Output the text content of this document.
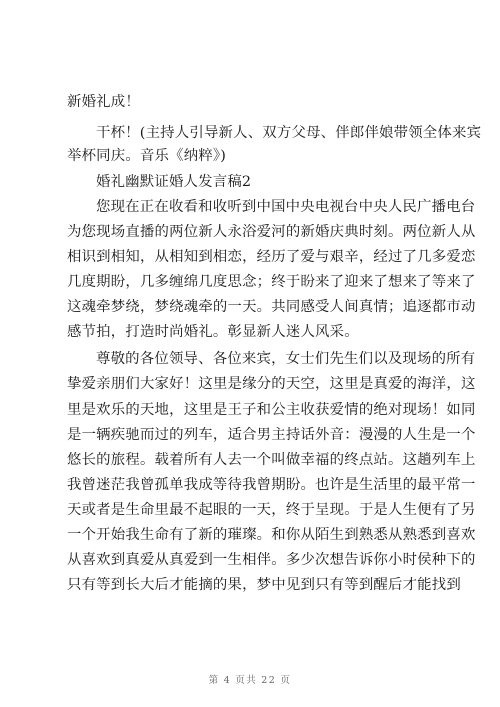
新婚礼成！
干杯！(主持人引导新人、双方父母、伴郎伴娘带领全体来宾
举杯同庆。音乐《纳粹》)
婚礼幽默证婚人发言稿2
您现在正在收看和收听到中国中央电视台中央人民广播电台
为您现场直播的两位新人永浴爱河的新婚庆典时刻。两位新人从
相识到相知，从相知到相恋，经历了爱与艰辛，经过了几多爱恋
几度期盼，几多缠绵几度思念；终于盼来了迎来了想来了等来了
这魂牵梦绕，梦绕魂牵的一天。共同感受人间真情；追逐都市动
感节拍，打造时尚婚礼。彰显新人迷人风采。
尊敬的各位领导、各位来宾，女士们先生们以及现场的所有
挚爱亲朋们大家好！这里是缘分的天空，这里是真爱的海洋，这
里是欢乐的天地，这里是王子和公主收获爱情的绝对现场！如同
是一辆疾驰而过的列车，适合男主持话外音：漫漫的人生是一个
悠长的旅程。载着所有人去一个叫做幸福的终点站。这趟列车上
我曾迷茫我曾孤单我成等待我曾期盼。也许是生活里的最平常一
天或者是生命里最不起眼的一天，终于呈现。于是人生便有了另
一个开始我生命有了新的璀璨。和你从陌生到熟悉从熟悉到喜欢
从喜欢到真爱从真爱到一生相伴。多少次想告诉你小时侯种下的
只有等到长大后才能摘的果，梦中见到只有等到醒后才能找到
第 4 页共 22 页
